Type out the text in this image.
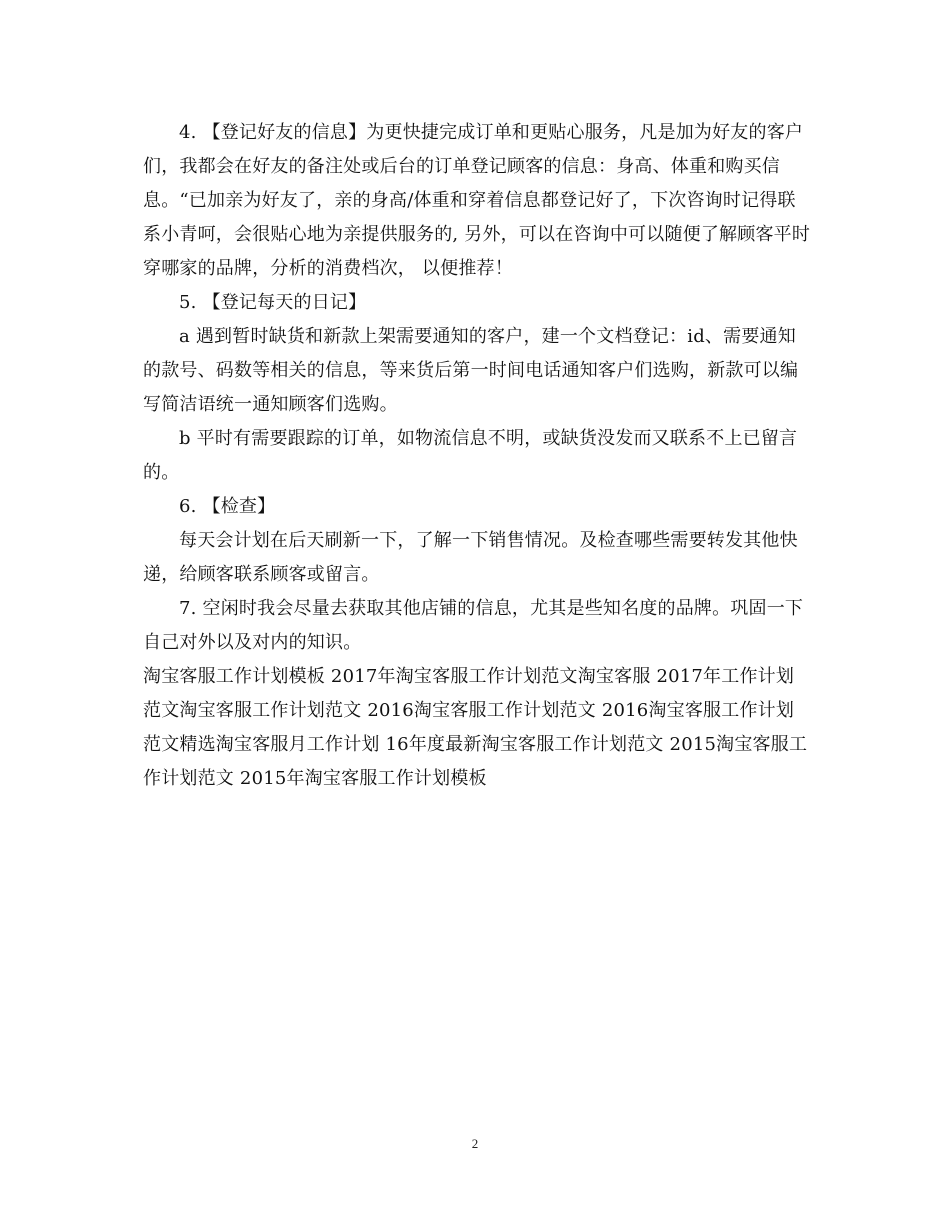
4. 【登记好友的信息】为更快捷完成订单和更贴心服务，凡是加为好友的客户们，我都会在好友的备注处或后台的订单登记顾客的信息：身高、体重和购买信息。“已加亲为好友了，亲的身高/体重和穿着信息都登记好了，下次咨询时记得联系小青呵，会很贴心地为亲提供服务的, 另外，可以在咨询中可以随便了解顾客平时穿哪家的品牌，分析的消费档次， 以便推荐！

5. 【登记每天的日记】

a 遇到暂时缺货和新款上架需要通知的客户，建一个文档登记：id、需要通知的款号、码数等相关的信息，等来货后第一时间电话通知客户们选购，新款可以编写简洁语统一通知顾客们选购。

b 平时有需要跟踪的订单，如物流信息不明，或缺货没发而又联系不上已留言的。

6. 【检查】

每天会计划在后天刷新一下，了解一下销售情况。及检查哪些需要转发其他快递，给顾客联系顾客或留言。

7. 空闲时我会尽量去获取其他店铺的信息，尤其是些知名度的品牌。巩固一下自己对外以及对内的知识。

淘宝客服工作计划模板 2017年淘宝客服工作计划范文淘宝客服 2017年工作计划范文淘宝客服工作计划范文 2016淘宝客服工作计划范文 2016淘宝客服工作计划范文精选淘宝客服月工作计划 16年度最新淘宝客服工作计划范文 2015淘宝客服工作计划范文 2015年淘宝客服工作计划模板

2
